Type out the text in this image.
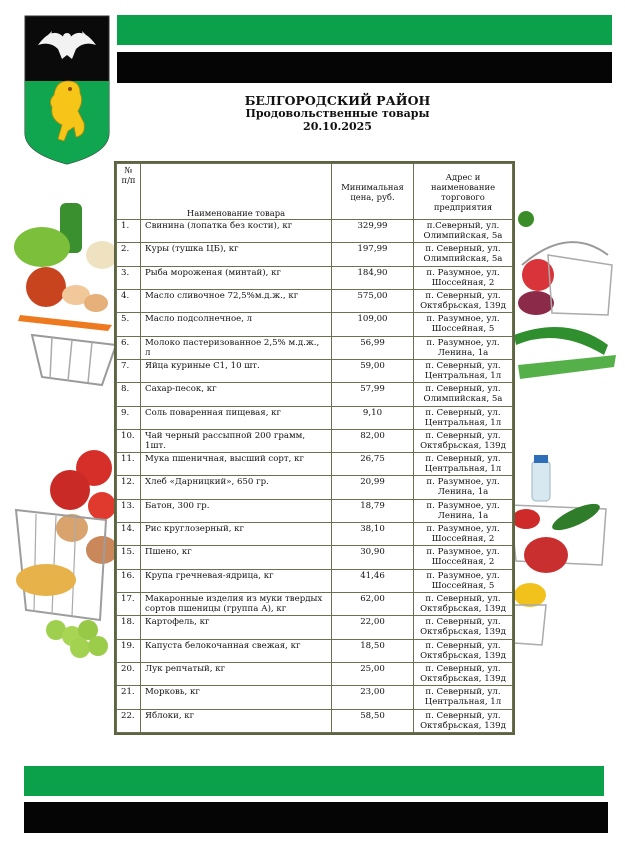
БЕЛГОРОДСКИЙ РАЙОН
Продовольственные товары
20.10.2025
№ п/п	Наименование товара	Минимальная цена, руб.	Адрес и наименование торгового предприятия
1.	Свинина (лопатка без кости), кг	329,99	п.Северный, ул. Олимпийская, 5а
2.	Куры (тушка ЦБ), кг	197,99	п. Северный, ул. Олимпийская, 5а
3.	Рыба мороженая (минтай), кг	184,90	п. Разумное, ул. Шоссейная, 2
4.	Масло сливочное 72,5%м.д.ж., кг	575,00	п. Северный, ул. Октябрьская, 139д
5.	Масло подсолнечное, л	109,00	п. Разумное, ул. Шоссейная, 5
6.	Молоко пастеризованное 2,5% м.д.ж., л	56,99	п. Разумное, ул. Ленина, 1а
7.	Яйца куриные С1, 10 шт.	59,00	п. Северный, ул. Центральная, 1л
8.	Сахар-песок, кг	57,99	п. Северный, ул. Олимпийская, 5а
9.	Соль поваренная пищевая, кг	9,10	п. Северный, ул. Центральная, 1л
10.	Чай черный рассыпной 200 грамм, 1шт.	82,00	п. Северный, ул. Октябрьская, 139д
11.	Мука пшеничная, высший сорт, кг	26,75	п. Северный, ул. Центральная, 1л
12.	Хлеб «Дарницкий», 650 гр.	20,99	п. Разумное, ул. Ленина, 1а
13.	Батон, 300 гр.	18,79	п. Разумное, ул. Ленина, 1а
14.	Рис круглозерный, кг	38,10	п. Разумное, ул. Шоссейная, 2
15.	Пшено, кг	30,90	п. Разумное, ул. Шоссейная, 2
16.	Крупа гречневая-ядрица, кг	41,46	п. Разумное, ул. Шоссейная, 5
17.	Макаронные изделия из муки твердых сортов пшеницы (группа А), кг	62,00	п. Северный, ул. Октябрьская, 139д
18.	Картофель, кг	22,00	п. Северный, ул. Октябрьская, 139д
19.	Капуста белокочанная свежая, кг	18,50	п. Северный, ул. Октябрьская, 139д
20.	Лук репчатый, кг	25,00	п. Северный, ул. Октябрьская, 139д
21.	Морковь, кг	23,00	п. Северный, ул. Центральная, 1л
22.	Яблоки, кг	58,50	п. Северный, ул. Октябрьская, 139д
